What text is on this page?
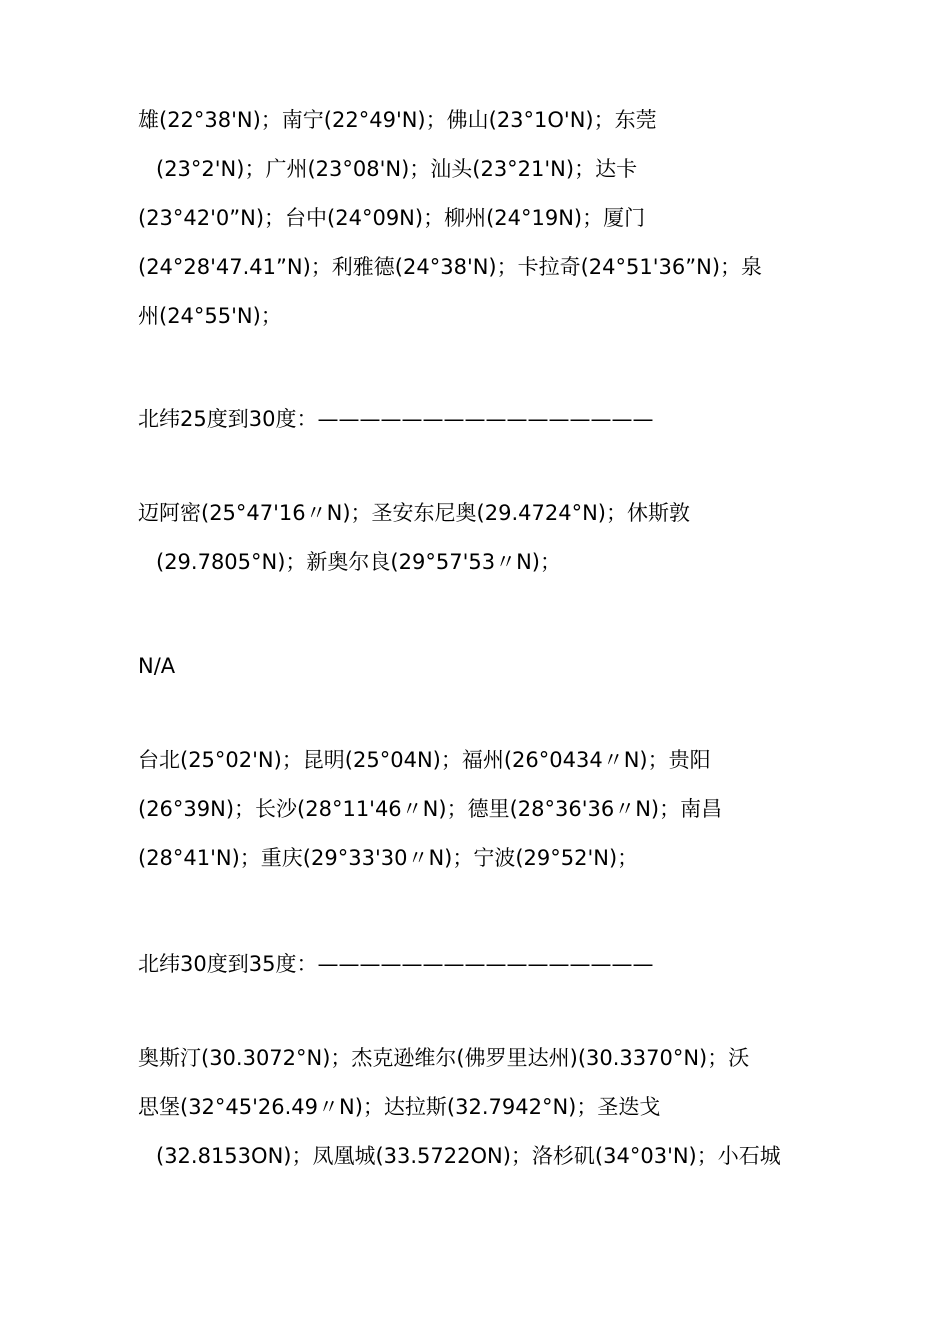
雄(22°38'N)；南宁(22°49'N)；佛山(23°1O'N)；东莞
(23°2'N)；广州(23°08'N)；汕头(23°21'N)；达卡
(23°42'0”N)；台中(24°09N)；柳州(24°19N)；厦门
(24°28'47.41”N)；利雅德(24°38'N)；卡拉奇(24°51'36”N)；泉
州(24°55'N)；
北纬25度到30度：————————————————
迈阿密(25°47'16〃N)；圣安东尼奥(29.4724°N)；休斯敦
(29.7805°N)；新奥尔良(29°57'53〃N)；
N/A
台北(25°02'N)；昆明(25°04N)；福州(26°0434〃N)；贵阳
(26°39N)；长沙(28°11'46〃N)；德里(28°36'36〃N)；南昌
(28°41'N)；重庆(29°33'30〃N)；宁波(29°52'N)；
北纬30度到35度：————————————————
奥斯汀(30.3072°N)；杰克逊维尔(佛罗里达州)(30.3370°N)；沃
思堡(32°45'26.49〃N)；达拉斯(32.7942°N)；圣迭戈
(32.8153ON)；凤凰城(33.5722ON)；洛杉矶(34°03'N)；小石城
